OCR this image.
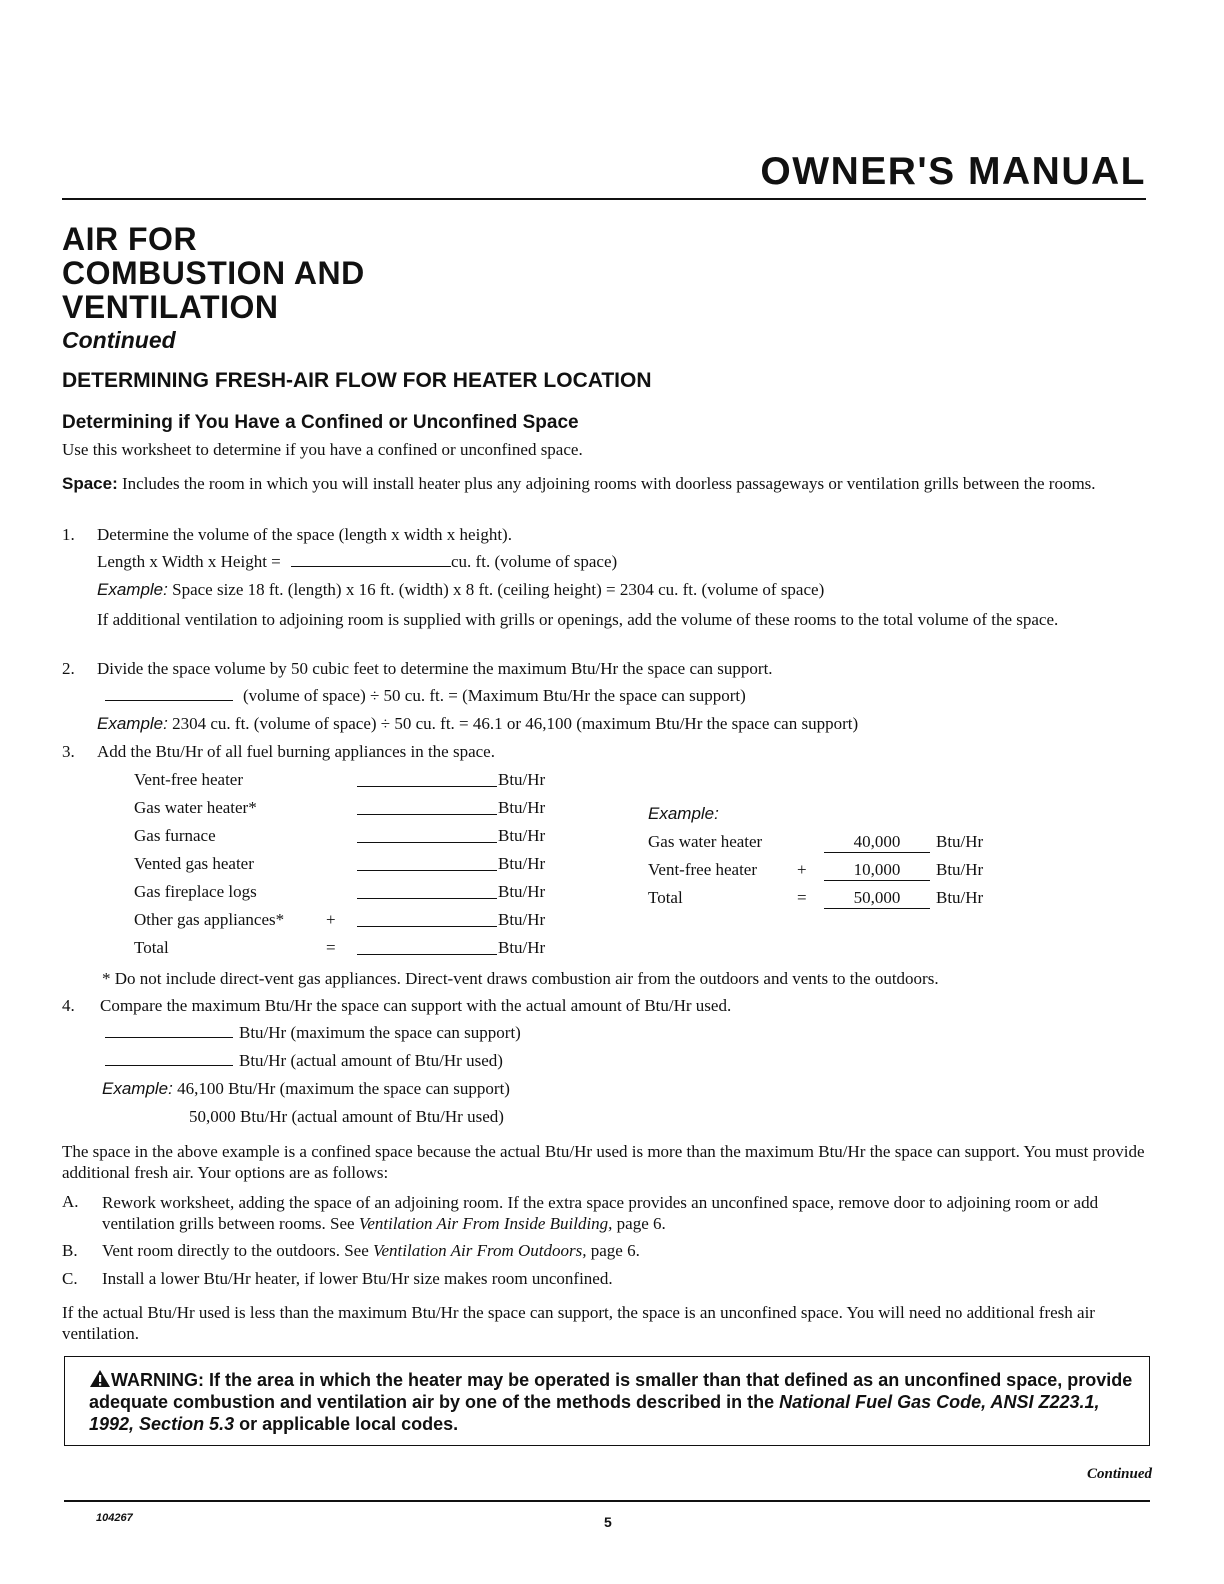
OWNER'S MANUAL
AIR FOR
COMBUSTION AND
VENTILATION
Continued
DETERMINING FRESH-AIR FLOW FOR HEATER LOCATION
Determining if You Have a Confined or Unconfined Space
Use this worksheet to determine if you have a confined or unconfined space.
Space: Includes the room in which you will install heater plus any adjoining rooms with doorless passageways or ventilation grills between the rooms.
1. Determine the volume of the space (length x width x height).
Length x Width x Height =	cu. ft. (volume of space)
Example: Space size 18 ft. (length) x 16 ft. (width) x 8 ft. (ceiling height) = 2304 cu. ft. (volume of space)
If additional ventilation to adjoining room is supplied with grills or openings, add the volume of these rooms to the total volume of the space.
2. Divide the space volume by 50 cubic feet to determine the maximum Btu/Hr the space can support.
(volume of space) ÷ 50 cu. ft. = (Maximum Btu/Hr the space can support)
Example: 2304 cu. ft. (volume of space) ÷ 50 cu. ft. = 46.1 or 46,100 (maximum Btu/Hr the space can support)
3. Add the Btu/Hr of all fuel burning appliances in the space.
Vent-free heater
Gas water heater*
Gas furnace
Vented gas heater
Gas fireplace logs
Other gas appliances*
Total
+
=
Btu/Hr
Btu/Hr
Btu/Hr
Btu/Hr
Btu/Hr
Btu/Hr
Btu/Hr
Example:
Gas water heater
Vent-free heater
Total
+
=
40,000
10,000
50,000
Btu/Hr
Btu/Hr
Btu/Hr
* Do not include direct-vent gas appliances. Direct-vent draws combustion air from the outdoors and vents to the outdoors.
4. Compare the maximum Btu/Hr the space can support with the actual amount of Btu/Hr used.
Btu/Hr (maximum the space can support)
Btu/Hr (actual amount of Btu/Hr used)
Example: 46,100 Btu/Hr (maximum the space can support)
50,000 Btu/Hr (actual amount of Btu/Hr used)
The space in the above example is a confined space because the actual Btu/Hr used is more than the maximum Btu/Hr the space can support. You must provide additional fresh air. Your options are as follows:
A. Rework worksheet, adding the space of an adjoining room. If the extra space provides an unconfined space, remove door to adjoining room or add ventilation grills between rooms. See Ventilation Air From Inside Building, page 6.
B. Vent room directly to the outdoors. See Ventilation Air From Outdoors, page 6.
C. Install a lower Btu/Hr heater, if lower Btu/Hr size makes room unconfined.
If the actual Btu/Hr used is less than the maximum Btu/Hr the space can support, the space is an unconfined space. You will need no additional fresh air ventilation.
WARNING: If the area in which the heater may be operated is smaller than that defined as an unconfined space, provide adequate combustion and ventilation air by one of the methods described in the National Fuel Gas Code, ANSI Z223.1, 1992, Section 5.3 or applicable local codes.
Continued
104267	5
